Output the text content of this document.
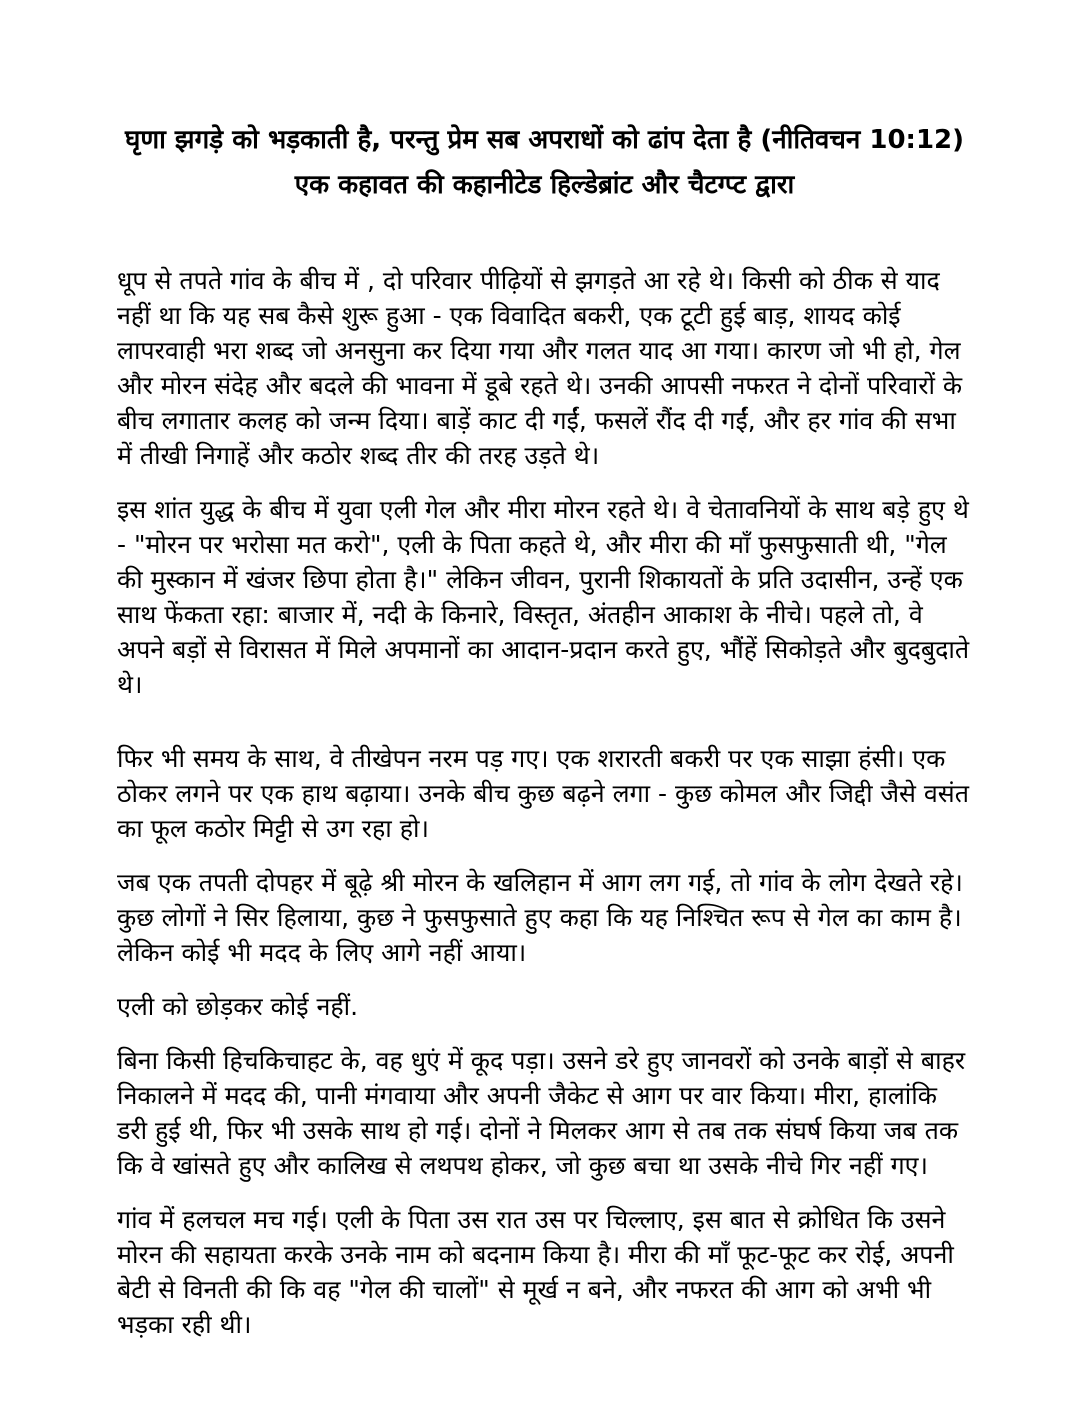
घृणा झगड़े को भड़काती है, परन्तु प्रेम सब अपराधों को ढांप देता है (नीतिवचन 10:12)
एक कहावत की कहानीटेड हिल्डेब्रांट और चैटग्प्ट द्वारा

धूप से तपते गांव के बीच में , दो परिवार पीढ़ियों से झगड़ते आ रहे थे। किसी को ठीक से याद नहीं था कि यह सब कैसे शुरू हुआ - एक विवादित बकरी, एक टूटी हुई बाड़, शायद कोई लापरवाही भरा शब्द जो अनसुना कर दिया गया और गलत याद आ गया। कारण जो भी हो, गेल और मोरन संदेह और बदले की भावना में डूबे रहते थे। उनकी आपसी नफरत ने दोनों परिवारों के बीच लगातार कलह को जन्म दिया। बाड़ें काट दी गईं, फसलें रौंद दी गईं, और हर गांव की सभा में तीखी निगाहें और कठोर शब्द तीर की तरह उड़ते थे।

इस शांत युद्ध के बीच में युवा एली गेल और मीरा मोरन रहते थे। वे चेतावनियों के साथ बड़े हुए थे - "मोरन पर भरोसा मत करो", एली के पिता कहते थे, और मीरा की माँ फुसफुसाती थी, "गेल की मुस्कान में खंजर छिपा होता है।" लेकिन जीवन, पुरानी शिकायतों के प्रति उदासीन, उन्हें एक साथ फेंकता रहा: बाजार में, नदी के किनारे, विस्तृत, अंतहीन आकाश के नीचे। पहले तो, वे अपने बड़ों से विरासत में मिले अपमानों का आदान-प्रदान करते हुए, भौंहें सिकोड़ते और बुदबुदाते थे।

फिर भी समय के साथ, वे तीखेपन नरम पड़ गए। एक शरारती बकरी पर एक साझा हंसी। एक ठोकर लगने पर एक हाथ बढ़ाया। उनके बीच कुछ बढ़ने लगा - कुछ कोमल और जिद्दी जैसे वसंत का फूल कठोर मिट्टी से उग रहा हो।

जब एक तपती दोपहर में बूढ़े श्री मोरन के खलिहान में आग लग गई, तो गांव के लोग देखते रहे। कुछ लोगों ने सिर हिलाया, कुछ ने फुसफुसाते हुए कहा कि यह निश्चित रूप से गेल का काम है। लेकिन कोई भी मदद के लिए आगे नहीं आया।

एली को छोड़कर कोई नहीं.

बिना किसी हिचकिचाहट के, वह धुएं में कूद पड़ा। उसने डरे हुए जानवरों को उनके बाड़ों से बाहर निकालने में मदद की, पानी मंगवाया और अपनी जैकेट से आग पर वार किया। मीरा, हालांकि डरी हुई थी, फिर भी उसके साथ हो गई। दोनों ने मिलकर आग से तब तक संघर्ष किया जब तक कि वे खांसते हुए और कालिख से लथपथ होकर, जो कुछ बचा था उसके नीचे गिर नहीं गए।

गांव में हलचल मच गई। एली के पिता उस रात उस पर चिल्लाए, इस बात से क्रोधित कि उसने मोरन की सहायता करके उनके नाम को बदनाम किया है। मीरा की माँ फूट-फूट कर रोई, अपनी बेटी से विनती की कि वह "गेल की चालों" से मूर्ख न बने, और नफरत की आग को अभी भी भड़का रही थी।
